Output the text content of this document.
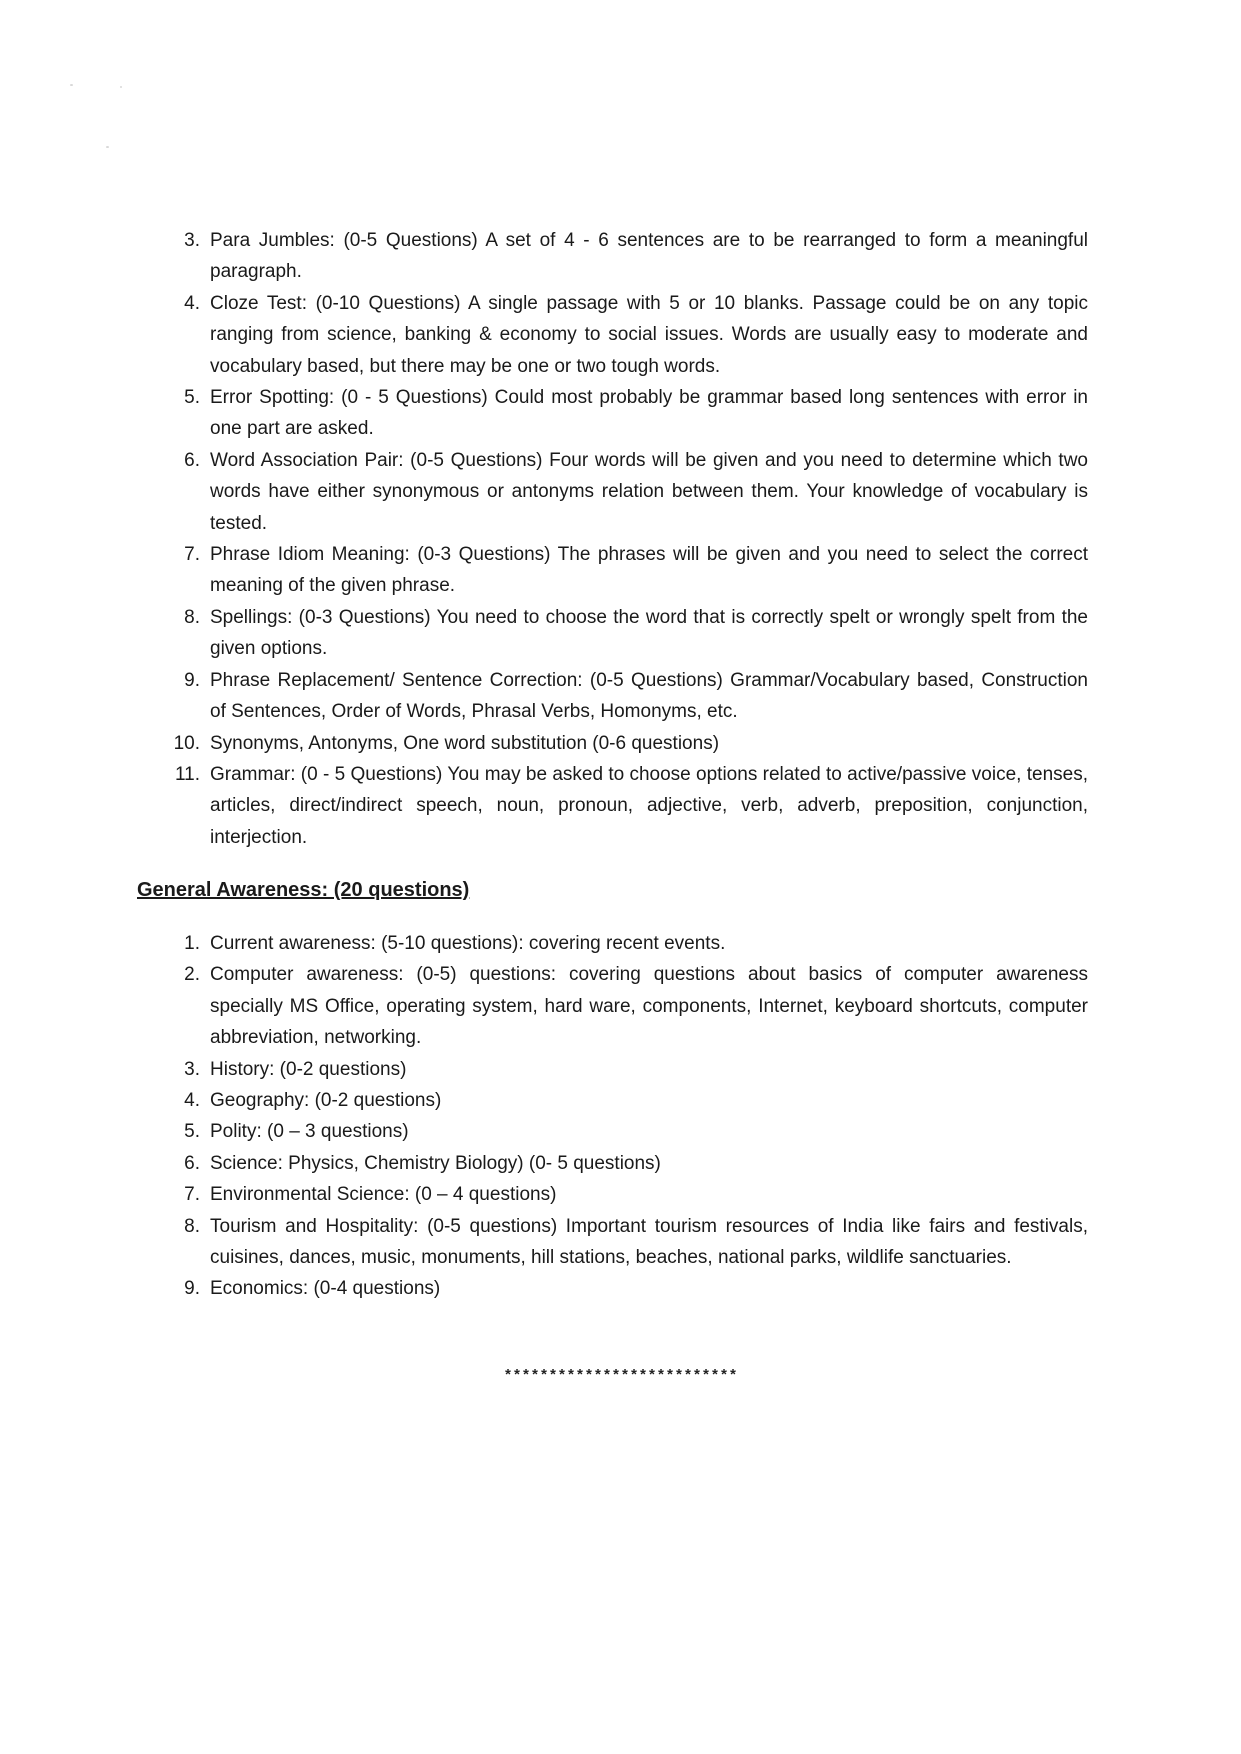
3. Para Jumbles: (0-5 Questions) A set of 4 - 6 sentences are to be rearranged to form a meaningful paragraph.
4. Cloze Test: (0-10 Questions) A single passage with 5 or 10 blanks. Passage could be on any topic ranging from science, banking & economy to social issues. Words are usually easy to moderate and vocabulary based, but there may be one or two tough words.
5. Error Spotting: (0 - 5 Questions) Could most probably be grammar based long sentences with error in one part are asked.
6. Word Association Pair: (0-5 Questions) Four words will be given and you need to determine which two words have either synonymous or antonyms relation between them. Your knowledge of vocabulary is tested.
7. Phrase Idiom Meaning: (0-3 Questions) The phrases will be given and you need to select the correct meaning of the given phrase.
8. Spellings: (0-3 Questions) You need to choose the word that is correctly spelt or wrongly spelt from the given options.
9. Phrase Replacement/ Sentence Correction: (0-5 Questions) Grammar/Vocabulary based, Construction of Sentences, Order of Words, Phrasal Verbs, Homonyms, etc.
10. Synonyms, Antonyms, One word substitution (0-6 questions)
11. Grammar: (0 - 5 Questions) You may be asked to choose options related to active/passive voice, tenses, articles, direct/indirect speech, noun, pronoun, adjective, verb, adverb, preposition, conjunction, interjection.
General Awareness: (20 questions)
1. Current awareness: (5-10 questions): covering recent events.
2. Computer awareness: (0-5) questions: covering questions about basics of computer awareness specially MS Office, operating system, hard ware, components, Internet, keyboard shortcuts, computer abbreviation, networking.
3. History: (0-2 questions)
4. Geography: (0-2 questions)
5. Polity: (0 – 3 questions)
6. Science: Physics, Chemistry Biology) (0- 5 questions)
7. Environmental Science: (0 – 4 questions)
8. Tourism and Hospitality: (0-5 questions) Important tourism resources of India like fairs and festivals, cuisines, dances, music, monuments, hill stations, beaches, national parks, wildlife sanctuaries.
9. Economics: (0-4 questions)
**************************
